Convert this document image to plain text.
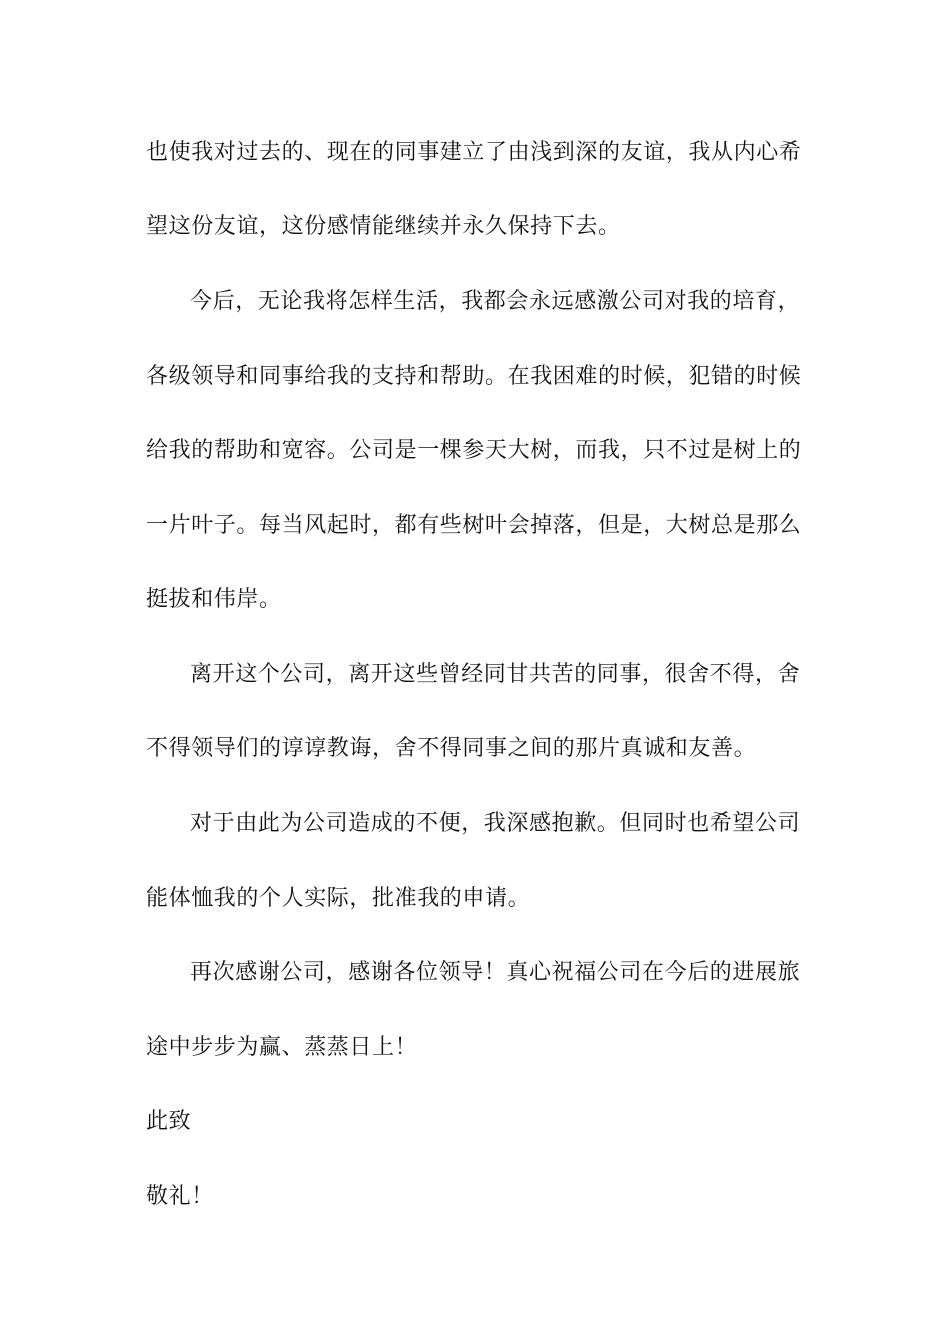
也使我对过去的、现在的同事建立了由浅到深的友谊，我从内心希
望这份友谊，这份感情能继续并永久保持下去。
今后，无论我将怎样生活，我都会永远感激公司对我的培育，
各级领导和同事给我的支持和帮助。在我困难的时候，犯错的时候
给我的帮助和宽容。公司是一棵参天大树，而我，只不过是树上的
一片叶子。每当风起时，都有些树叶会掉落，但是，大树总是那么
挺拔和伟岸。
离开这个公司，离开这些曾经同甘共苦的同事，很舍不得，舍
不得领导们的谆谆教诲，舍不得同事之间的那片真诚和友善。
对于由此为公司造成的不便，我深感抱歉。但同时也希望公司
能体恤我的个人实际，批准我的申请。
再次感谢公司，感谢各位领导！真心祝福公司在今后的进展旅
途中步步为赢、蒸蒸日上！
此致
敬礼！
